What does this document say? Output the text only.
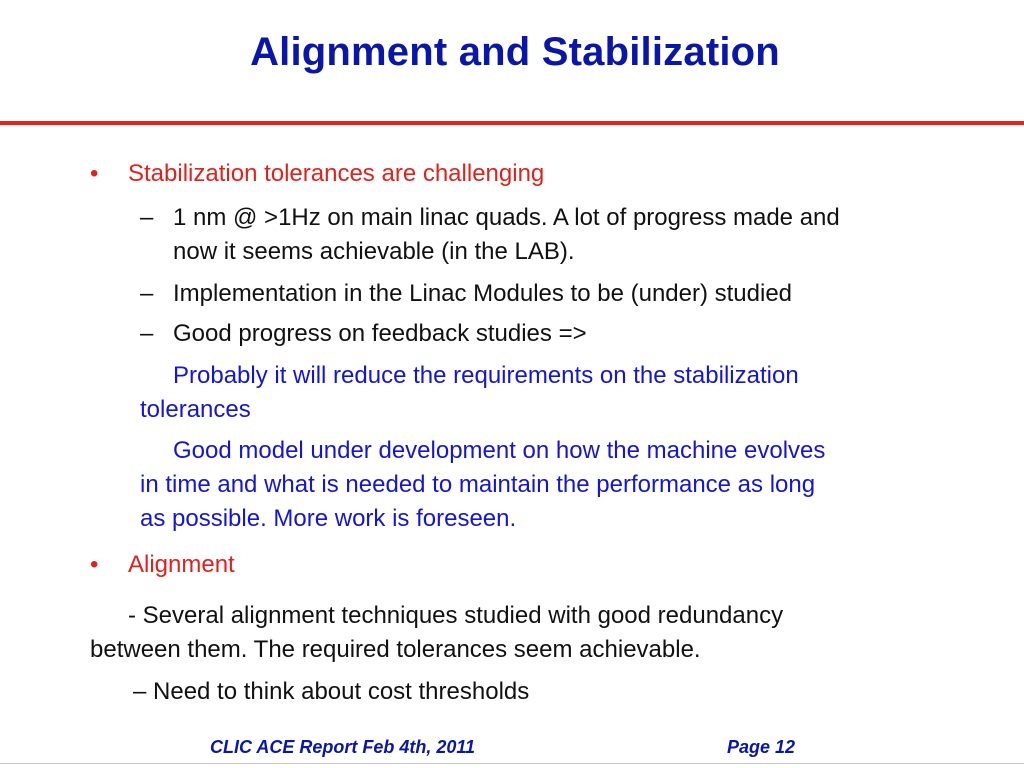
Alignment and Stabilization
• Stabilization tolerances are challenging
– 1 nm @ >1Hz on main linac quads. A lot of progress made and
now it seems achievable (in the LAB).
– Implementation in the Linac Modules to be (under) studied
– Good progress on feedback studies =>
Probably it will reduce the requirements on the stabilization
tolerances
Good model under development on how the machine evolves
in time and what is needed to maintain the performance as long
as possible. More work is foreseen.
• Alignment
- Several alignment techniques studied with good redundancy
between them. The required tolerances seem achievable.
– Need to think about cost thresholds
CLIC ACE Report Feb 4th, 2011	Page 12
